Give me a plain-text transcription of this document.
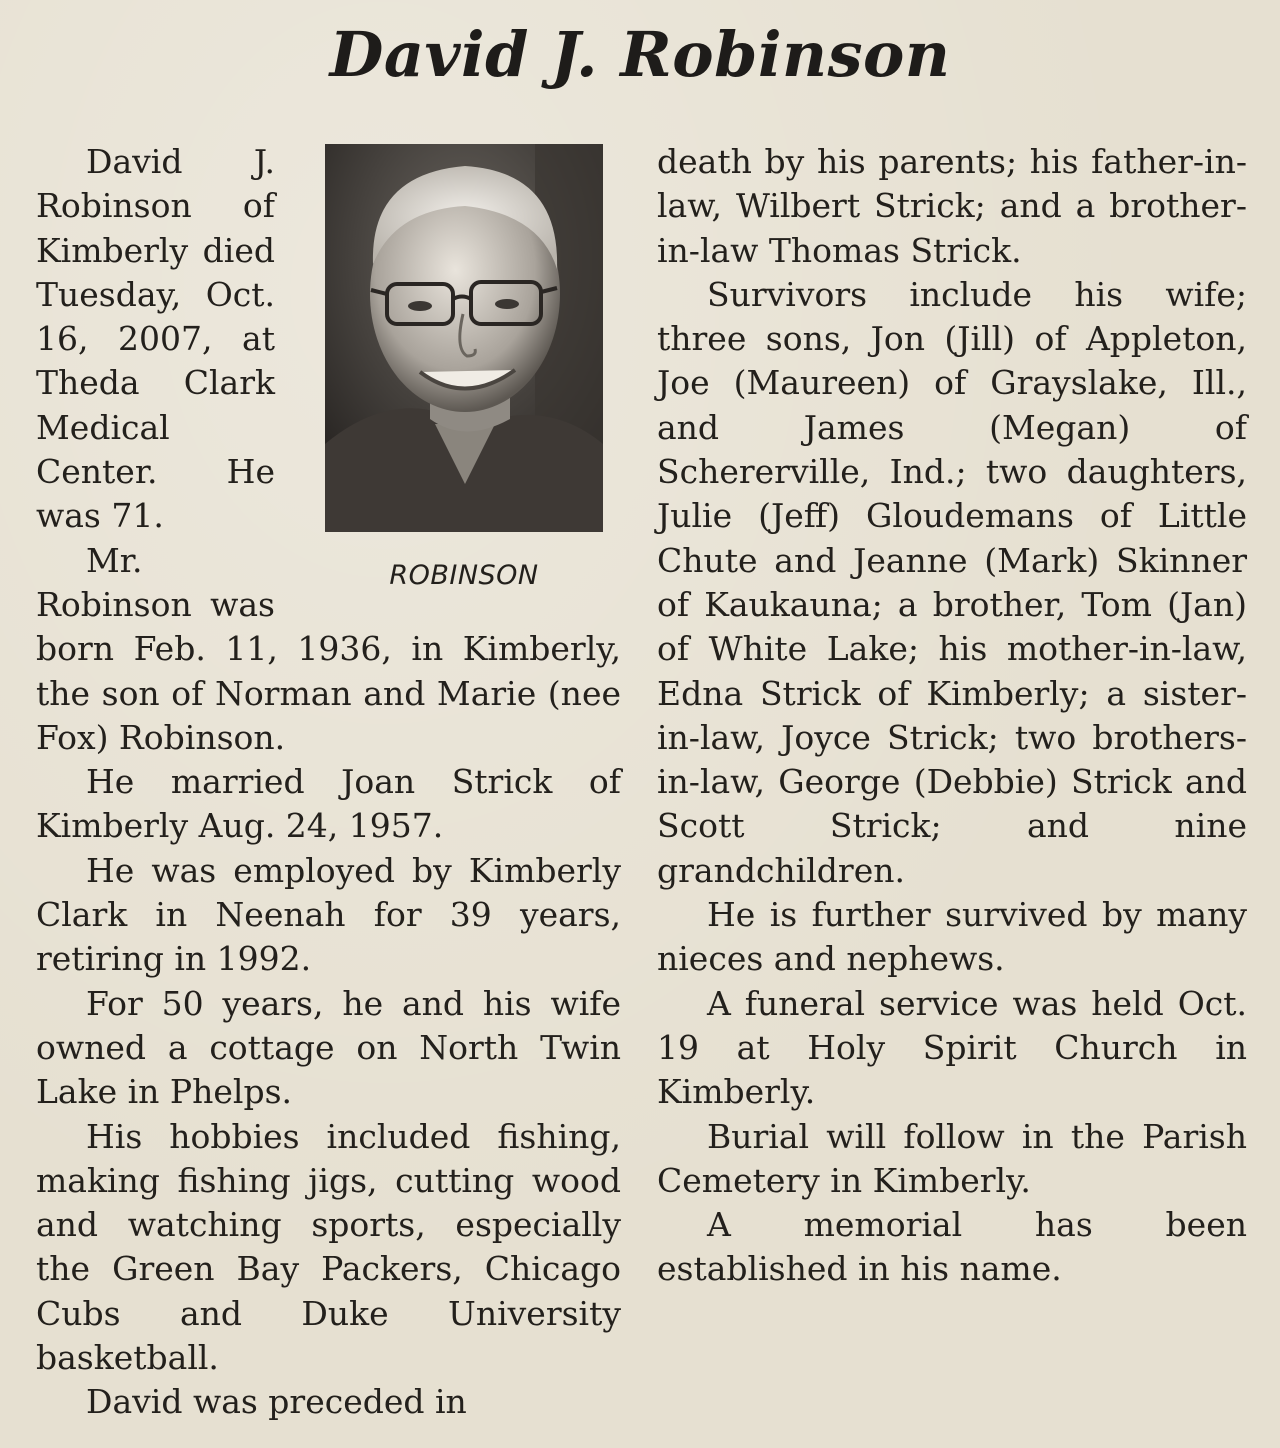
David J. Robinson

David J. Robinson of Kimberly died Tuesday, Oct. 16, 2007, at Theda Clark Medical Center. He was 71.

Mr. Robinson was born Feb. 11, 1936, in Kimberly, the son of Norman and Marie (nee Fox) Robinson.

He married Joan Strick of Kimberly Aug. 24, 1957.

He was employed by Kimberly Clark in Neenah for 39 years, retiring in 1992.

For 50 years, he and his wife owned a cottage on North Twin Lake in Phelps.

His hobbies included fishing, making fishing jigs, cutting wood and watching sports, especially the Green Bay Packers, Chicago Cubs and Duke University basketball.

David was preceded in

death by his parents; his father-in-law, Wilbert Strick; and a brother-in-law Thomas Strick.

Survivors include his wife; three sons, Jon (Jill) of Appleton, Joe (Maureen) of Grayslake, Ill., and James (Megan) of Schererville, Ind.; two daughters, Julie (Jeff) Gloudemans of Little Chute and Jeanne (Mark) Skinner of Kaukauna; a brother, Tom (Jan) of White Lake; his mother-in-law, Edna Strick of Kimberly; a sister-in-law, Joyce Strick; two brothers-in-law, George (Debbie) Strick and Scott Strick; and nine grandchildren.

He is further survived by many nieces and nephews.

A funeral service was held Oct. 19 at Holy Spirit Church in Kimberly.

Burial will follow in the Parish Cemetery in Kimberly.

A memorial has been established in his name.

ROBINSON
